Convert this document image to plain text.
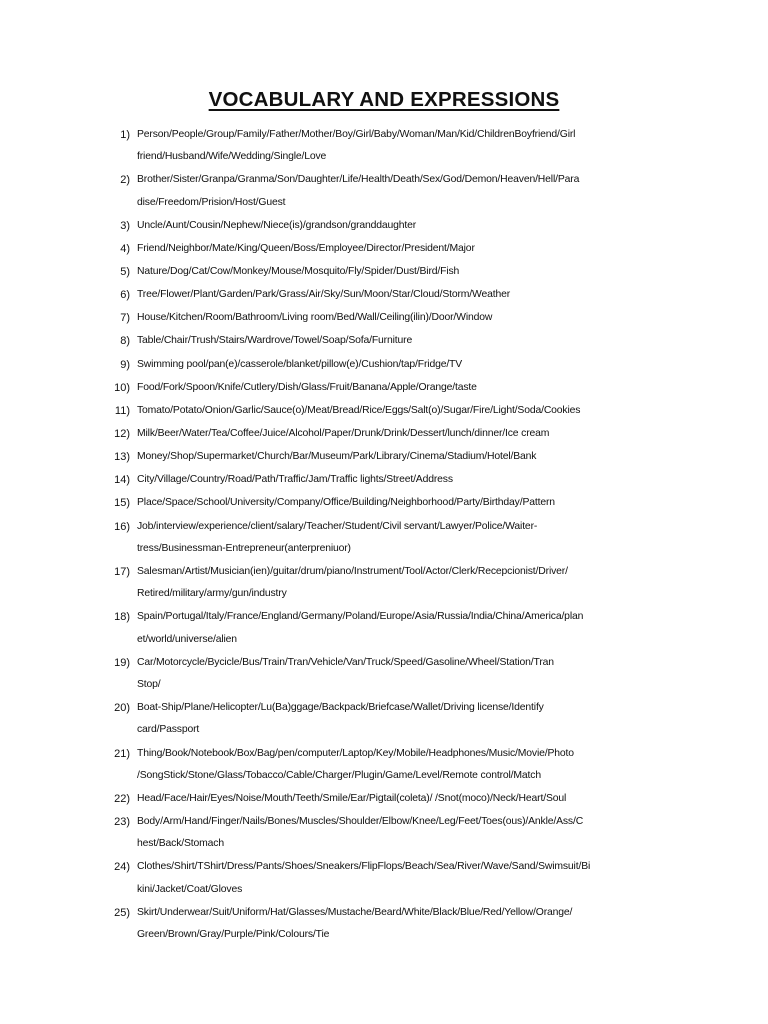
VOCABULARY AND EXPRESSIONS
1) Person/People/Group/Family/Father/Mother/Boy/Girl/Baby/Woman/Man/Kid/ChildrenBoyfriend/Girl
friend/Husband/Wife/Wedding/Single/Love
2) Brother/Sister/Granpa/Granma/Son/Daughter/Life/Health/Death/Sex/God/Demon/Heaven/Hell/Para
dise/Freedom/Prision/Host/Guest
3) Uncle/Aunt/Cousin/Nephew/Niece(is)/grandson/granddaughter
4) Friend/Neighbor/Mate/King/Queen/Boss/Employee/Director/President/Major
5) Nature/Dog/Cat/Cow/Monkey/Mouse/Mosquito/Fly/Spider/Dust/Bird/Fish
6) Tree/Flower/Plant/Garden/Park/Grass/Air/Sky/Sun/Moon/Star/Cloud/Storm/Weather
7) House/Kitchen/Room/Bathroom/Living room/Bed/Wall/Ceiling(ilin)/Door/Window
8) Table/Chair/Trush/Stairs/Wardrove/Towel/Soap/Sofa/Furniture
9) Swimming pool/pan(e)/casserole/blanket/pillow(e)/Cushion/tap/Fridge/TV
10) Food/Fork/Spoon/Knife/Cutlery/Dish/Glass/Fruit/Banana/Apple/Orange/taste
11) Tomato/Potato/Onion/Garlic/Sauce(o)/Meat/Bread/Rice/Eggs/Salt(o)/Sugar/Fire/Light/Soda/Cookies
12) Milk/Beer/Water/Tea/Coffee/Juice/Alcohol/Paper/Drunk/Drink/Dessert/lunch/dinner/Ice cream
13) Money/Shop/Supermarket/Church/Bar/Museum/Park/Library/Cinema/Stadium/Hotel/Bank
14) City/Village/Country/Road/Path/Traffic/Jam/Traffic lights/Street/Address
15) Place/Space/School/University/Company/Office/Building/Neighborhood/Party/Birthday/Pattern
16) Job/interview/experience/client/salary/Teacher/Student/Civil servant/Lawyer/Police/Waiter-
tress/Businessman-Entrepreneur(anterpreniuor)
17) Salesman/Artist/Musician(ien)/guitar/drum/piano/Instrument/Tool/Actor/Clerk/Recepcionist/Driver/
Retired/military/army/gun/industry
18) Spain/Portugal/Italy/France/England/Germany/Poland/Europe/Asia/Russia/India/China/America/plan
et/world/universe/alien
19) Car/Motorcycle/Bycicle/Bus/Train/Tran/Vehicle/Van/Truck/Speed/Gasoline/Wheel/Station/Tran
Stop/
20) Boat-Ship/Plane/Helicopter/Lu(Ba)ggage/Backpack/Briefcase/Wallet/Driving license/Identify
card/Passport
21) Thing/Book/Notebook/Box/Bag/pen/computer/Laptop/Key/Mobile/Headphones/Music/Movie/Photo
/SongStick/Stone/Glass/Tobacco/Cable/Charger/Plugin/Game/Level/Remote control/Match
22) Head/Face/Hair/Eyes/Noise/Mouth/Teeth/Smile/Ear/Pigtail(coleta)/ /Snot(moco)/Neck/Heart/Soul
23) Body/Arm/Hand/Finger/Nails/Bones/Muscles/Shoulder/Elbow/Knee/Leg/Feet/Toes(ous)/Ankle/Ass/C
hest/Back/Stomach
24) Clothes/Shirt/TShirt/Dress/Pants/Shoes/Sneakers/FlipFlops/Beach/Sea/River/Wave/Sand/Swimsuit/Bi
kini/Jacket/Coat/Gloves
25) Skirt/Underwear/Suit/Uniform/Hat/Glasses/Mustache/Beard/White/Black/Blue/Red/Yellow/Orange/
Green/Brown/Gray/Purple/Pink/Colours/Tie
